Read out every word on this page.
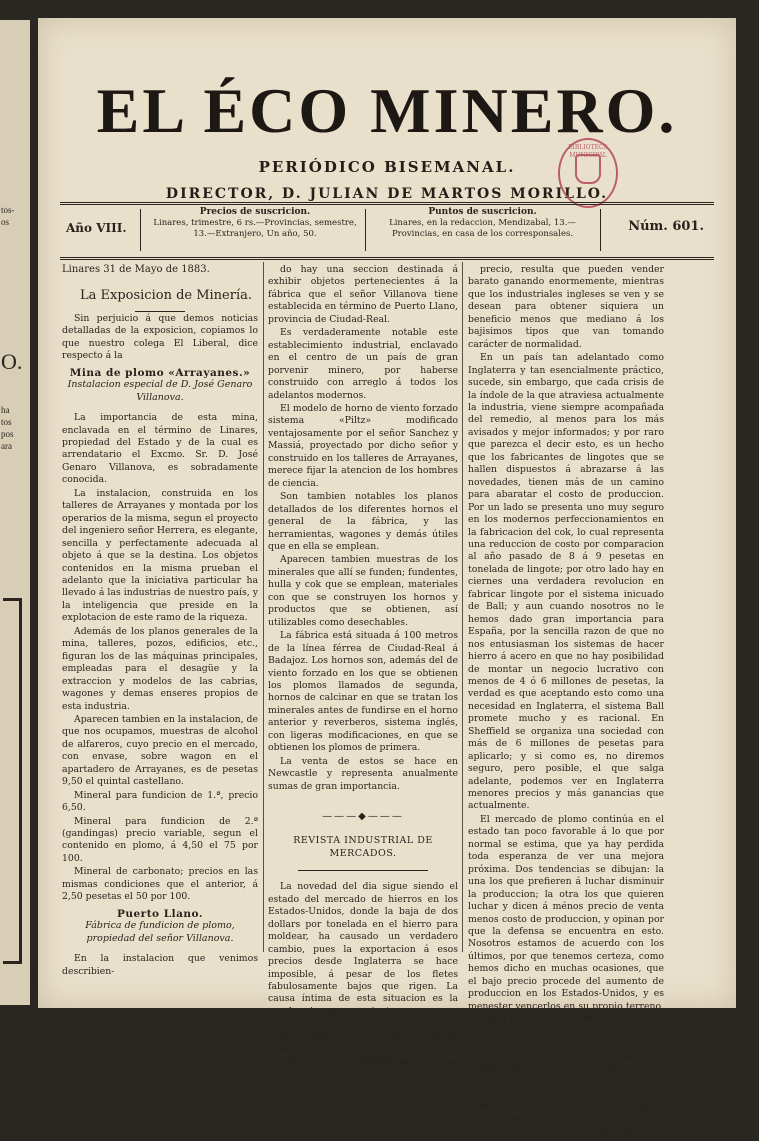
tos-
os
O.
ha
tos
pos
ara
EL ÉCO MINERO.
PERIÓDICO BISEMANAL.
DIRECTOR, D. JULIAN DE MARTOS MORILLO.
BIBLIOTECA MUNICIPAL
Año VIII.
Precios de suscricion.
Linares, trimestre, 6 rs.—Provincias, semestre, 13.—Extranjero, Un año, 50.
Puntos de suscricion.
Linares, en la redaccion, Mendizabal, 13.— Provincias, en casa de los corresponsales.	Núm. 601.

Linares 31 de Mayo de 1883.

La Exposicion de Minería.

Sin perjuicio á que demos noticias detalladas de la exposicion, copiamos lo que nuestro colega El Liberal, dice respecto á la

Mina de plomo «Arrayanes.»
Instalacion especial de D. José Genaro Villanova.

La importancia de esta mina, enclavada en el término de Linares, propiedad del Estado y de la cual es arrendatario el Excmo. Sr. D. José Genaro Villanova, es sobradamente conocida.

La instalacion, construida en los talleres de Arrayanes y montada por los operarios de la misma, segun el proyecto del ingeniero señor Herrera, es elegante, sencilla y perfectamente adecuada al objeto á que se la destina. Los objetos contenidos en la misma prueban el adelanto que la iniciativa particular ha llevado á las industrias de nuestro país, y la inteligencia que preside en la explotacion de este ramo de la riqueza.

Además de los planos generales de la mina, talleres, pozos, edificios, etc., figuran los de las máquinas principales, empleadas para el desagüe y la extraccion y modelos de las cabrias, wagones y demas enseres propios de esta industria.

Aparecen tambien en la instalacion, de que nos ocupamos, muestras de alcohol de alfareros, cuyo precio en el mercado, con envase, sobre wagon en el apartadero de Arrayanes, es de pesetas 9,50 el quintal castellano.

Mineral para fundicion de 1.ª, precio 6,50.

Mineral para fundicion de 2.ª (gandingas) precio variable, segun el contenido en plomo, á 4,50 el 75 por 100.

Mineral de carbonato; precios en las mismas condiciones que el anterior, á 2,50 pesetas el 50 por 100.

Puerto Llano.
Fábrica de fundicion de plomo, propiedad del señor Villanova.

En la instalacion que venimos describien-

do hay una seccion destinada á exhibir objetos pertenecientes á la fábrica que el señor Villanova tiene establecida en término de Puerto Llano, provincia de Ciudad-Real.

Es verdaderamente notable este establecimiento industrial, enclavado en el centro de un país de gran porvenir minero, por haberse construido con arreglo á todos los adelantos modernos.

El modelo de horno de viento forzado sistema «Piltz» modificado ventajosamente por el señor Sanchez y Massiá, proyectado por dicho señor y construido en los talleres de Arrayanes, merece fijar la atencion de los hombres de ciencia.

Son tambien notables los planos detallados de los diferentes hornos el general de la fábrica, y las herramientas, wagones y demás útiles que en ella se emplean.

Aparecen tambien muestras de los minerales que allí se funden; fundentes, hulla y cok que se emplean, materiales con que se construyen los hornos y productos que se obtienen, así utilizables como desechables.

La fábrica está situada á 100 metros de la línea férrea de Ciudad-Real á Badajoz. Los hornos son, además del de viento forzado en los que se obtienen los plomos llamados de segunda, hornos de calcinar en que se tratan los minerales antes de fundirse en el horno anterior y reverberos, sistema inglés, con ligeras modificaciones, en que se obtienen los plomos de primera.

La venta de estos se hace en Newcastle y representa anualmente sumas de gran importancia.

———◆———
REVISTA INDUSTRIAL DE MERCADOS.

La novedad del dia sigue siendo el estado del mercado de hierros en los Estados-Unidos, donde la baja de dos dollars por tonelada en el hierro para moldear, ha causado un verdadero cambio, pues la exportacion á esos precios desde Inglaterra se hace imposible, á pesar de los fletes fabulosamente bajos que rigen. La causa íntima de esta situacion es la escala siempre creciente en que se desarrolla la industria del hierro en los Estado-Unidos; y con su inimitable ingenio para el empleo de medios mecánicos y procedimientos con que ahorrar mano de obra y sacar partido de lo que pagan á alto

precio, resulta que pueden vender barato ganando enormemente, mientras que los industriales ingleses se ven y se desean para obtener siquiera un beneficio menos que mediano á los bajisimos tipos que van tomando carácter de normalidad.

En un país tan adelantado como Inglaterra y tan esencialmente práctico, sucede, sin embargo, que cada crisis de la índole de la que atraviesa actualmente la industria, viene siempre acompañada del remedio, al menos para los más avisados y mejor informados; y por raro que parezca el decir esto, es un hecho que los fabricantes de lingotes que se hallen dispuestos á abrazarse á las novedades, tienen más de un camino para abaratar el costo de produccion. Por un lado se presenta uno muy seguro en los modernos perfeccionamientos en la fabricacion del cok, lo cual representa una reduccion de costo por comparacion al año pasado de 8 á 9 pesetas en tonelada de lingote; por otro lado hay en ciernes una verdadera revolucion en fabricar lingote por el sistema inicuado de Ball; y aun cuando nosotros no le hemos dado gran importancia para España, por la sencilla razon de que no nos entusiasman los sistemas de hacer hierro á acero en que no hay posibilidad de montar un negocio lucrativo con menos de 4 ó 6 millones de pesetas, la verdad es que aceptando esto como una necesidad en Inglaterra, el sistema Ball promete mucho y es racional. En Sheffield se organiza una sociedad con más de 6 millones de pesetas para aplicarlo; y si como es, no diremos seguro, pero posible, el que salga adelante, podemos ver en Inglaterra menores precios y más ganancias que actualmente.

El mercado de plomo continúa en el estado tan poco favorable á lo que por normal se estima, que ya hay perdida toda esperanza de ver una mejora próxima. Dos tendencias se dibujan: la una los que prefieren á luchar disminuir la produccion; la otra los que quieren luchar y dicen á ménos precio de venta menos costo de produccion, y opinan por que la defensa se encuentra en esto. Nosotros estamos de acuerdo con los últimos, por que tenemos certeza, como hemos dicho en muchas ocasiones, que el bajo precio procede del aumento de produccion en los Estados-Unidos, y es menester vencerlos en su propio terreno, por que la primera remesa de plomo de América á Europa, arruinaría para siempre á la produccion española para exportar, y solo nos quedaríamos explotando los plomos argentíferos.

Los precios del cobre siguen bajos, con relacion á las existencias y á la demanda, no extrañariamos una mejora en breve en este metal.

(Gaceta Industrial.)
